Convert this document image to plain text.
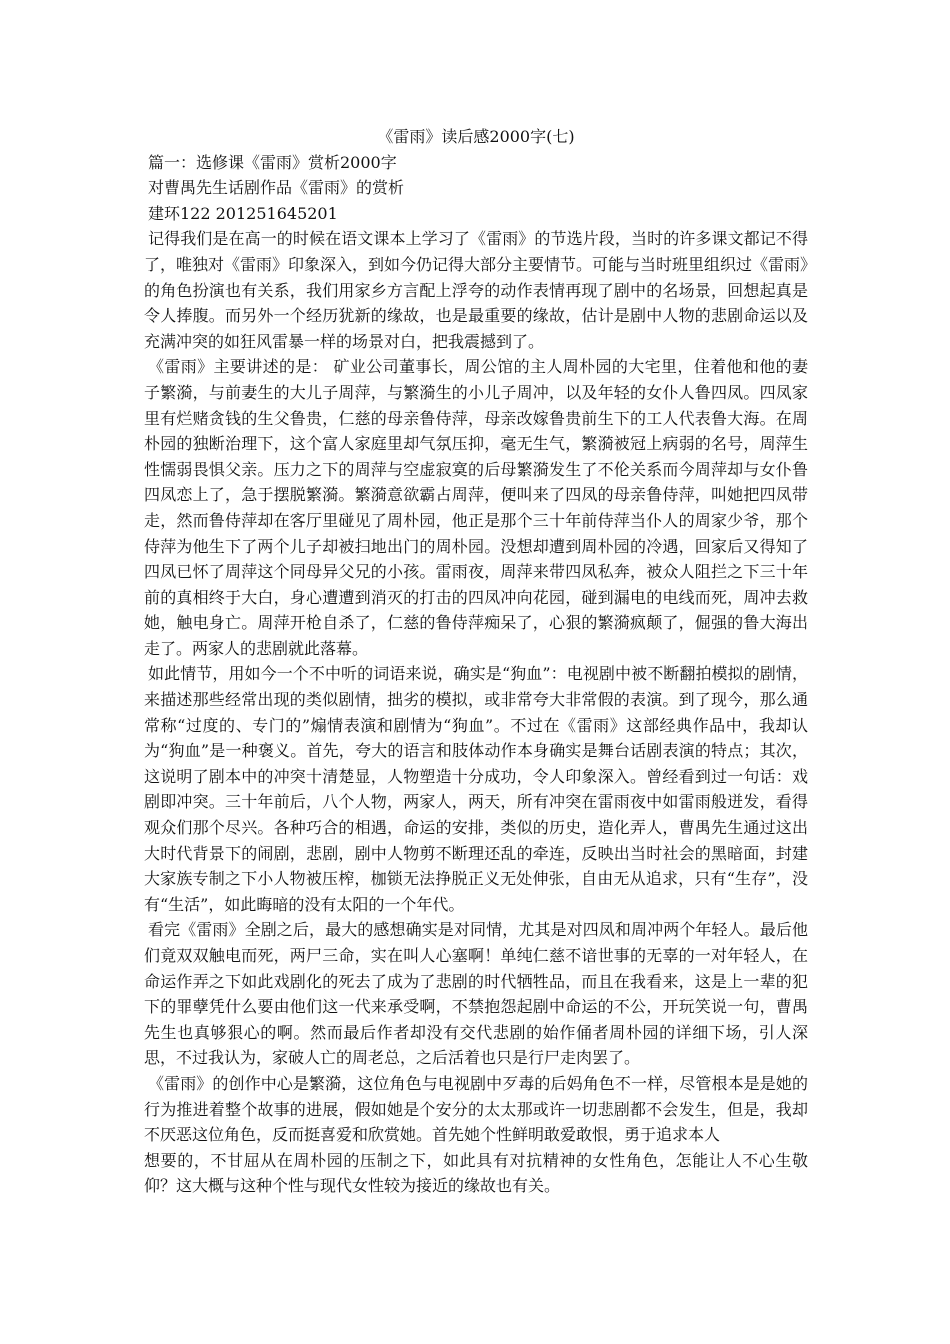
《雷雨》读后感2000字(七)

篇一：选修课《雷雨》赏析2000字

对曹禺先生话剧作品《雷雨》的赏析

建环122 201251645201

记得我们是在高一的时候在语文课本上学习了《雷雨》的节选片段，当时的许多课文都记不得了，唯独对《雷雨》印象深入，到如今仍记得大部分主要情节。可能与当时班里组织过《雷雨》的角色扮演也有关系，我们用家乡方言配上浮夸的动作表情再现了剧中的名场景，回想起真是令人捧腹。而另外一个经历犹新的缘故，也是最重要的缘故，估计是剧中人物的悲剧命运以及充满冲突的如狂风雷暴一样的场景对白，把我震撼到了。

《雷雨》主要讲述的是： 矿业公司董事长，周公馆的主人周朴园的大宅里，住着他和他的妻子繁漪，与前妻生的大儿子周萍，与繁漪生的小儿子周冲，以及年轻的女仆人鲁四凤。四凤家里有烂赌贪钱的生父鲁贵，仁慈的母亲鲁侍萍，母亲改嫁鲁贵前生下的工人代表鲁大海。在周朴园的独断治理下，这个富人家庭里却气氛压抑，毫无生气，繁漪被冠上病弱的名号，周萍生性懦弱畏惧父亲。压力之下的周萍与空虚寂寞的后母繁漪发生了不伦关系而今周萍却与女仆鲁四凤恋上了，急于摆脱繁漪。繁漪意欲霸占周萍，便叫来了四凤的母亲鲁侍萍，叫她把四凤带走，然而鲁侍萍却在客厅里碰见了周朴园，他正是那个三十年前侍萍当仆人的周家少爷，那个侍萍为他生下了两个儿子却被扫地出门的周朴园。没想却遭到周朴园的冷遇，回家后又得知了四凤已怀了周萍这个同母异父兄的小孩。雷雨夜，周萍来带四凤私奔，被众人阻拦之下三十年前的真相终于大白，身心遭遭到消灭的打击的四凤冲向花园，碰到漏电的电线而死，周冲去救她，触电身亡。周萍开枪自杀了，仁慈的鲁侍萍痴呆了，心狠的繁漪疯颠了，倔强的鲁大海出走了。两家人的悲剧就此落幕。

如此情节，用如今一个不中听的词语来说，确实是“狗血”：电视剧中被不断翻拍模拟的剧情，来描述那些经常出现的类似剧情，拙劣的模拟，或非常夸大非常假的表演。到了现今，那么通常称“过度的、专门的”煽情表演和剧情为“狗血”。不过在《雷雨》这部经典作品中，我却认为“狗血”是一种褒义。首先，夸大的语言和肢体动作本身确实是舞台话剧表演的特点；其次，这说明了剧本中的冲突十清楚显，人物塑造十分成功，令人印象深入。曾经看到过一句话：戏剧即冲突。三十年前后，八个人物，两家人，两天，所有冲突在雷雨夜中如雷雨般迸发，看得观众们那个尽兴。各种巧合的相遇，命运的安排，类似的历史，造化弄人，曹禺先生通过这出大时代背景下的闹剧，悲剧，剧中人物剪不断理还乱的牵连，反映出当时社会的黑暗面，封建大家族专制之下小人物被压榨，枷锁无法挣脱正义无处伸张，自由无从追求，只有“生存”，没有“生活”，如此晦暗的没有太阳的一个年代。

看完《雷雨》全剧之后，最大的感想确实是对同情，尤其是对四凤和周冲两个年轻人。最后他们竟双双触电而死，两尸三命，实在叫人心塞啊！单纯仁慈不谙世事的无辜的一对年轻人，在命运作弄之下如此戏剧化的死去了成为了悲剧的时代牺牲品，而且在我看来，这是上一辈的犯下的罪孽凭什么要由他们这一代来承受啊，不禁抱怨起剧中命运的不公，开玩笑说一句，曹禺先生也真够狠心的啊。然而最后作者却没有交代悲剧的始作俑者周朴园的详细下场，引人深思，不过我认为，家破人亡的周老总，之后活着也只是行尸走肉罢了。

《雷雨》的创作中心是繁漪，这位角色与电视剧中歹毒的后妈角色不一样，尽管根本是是她的行为推进着整个故事的进展，假如她是个安分的太太那或许一切悲剧都不会发生，但是，我却不厌恶这位角色，反而挺喜爱和欣赏她。首先她个性鲜明敢爱敢恨，勇于追求本人

想要的，不甘屈从在周朴园的压制之下，如此具有对抗精神的女性角色，怎能让人不心生敬仰？这大概与这种个性与现代女性较为接近的缘故也有关。
